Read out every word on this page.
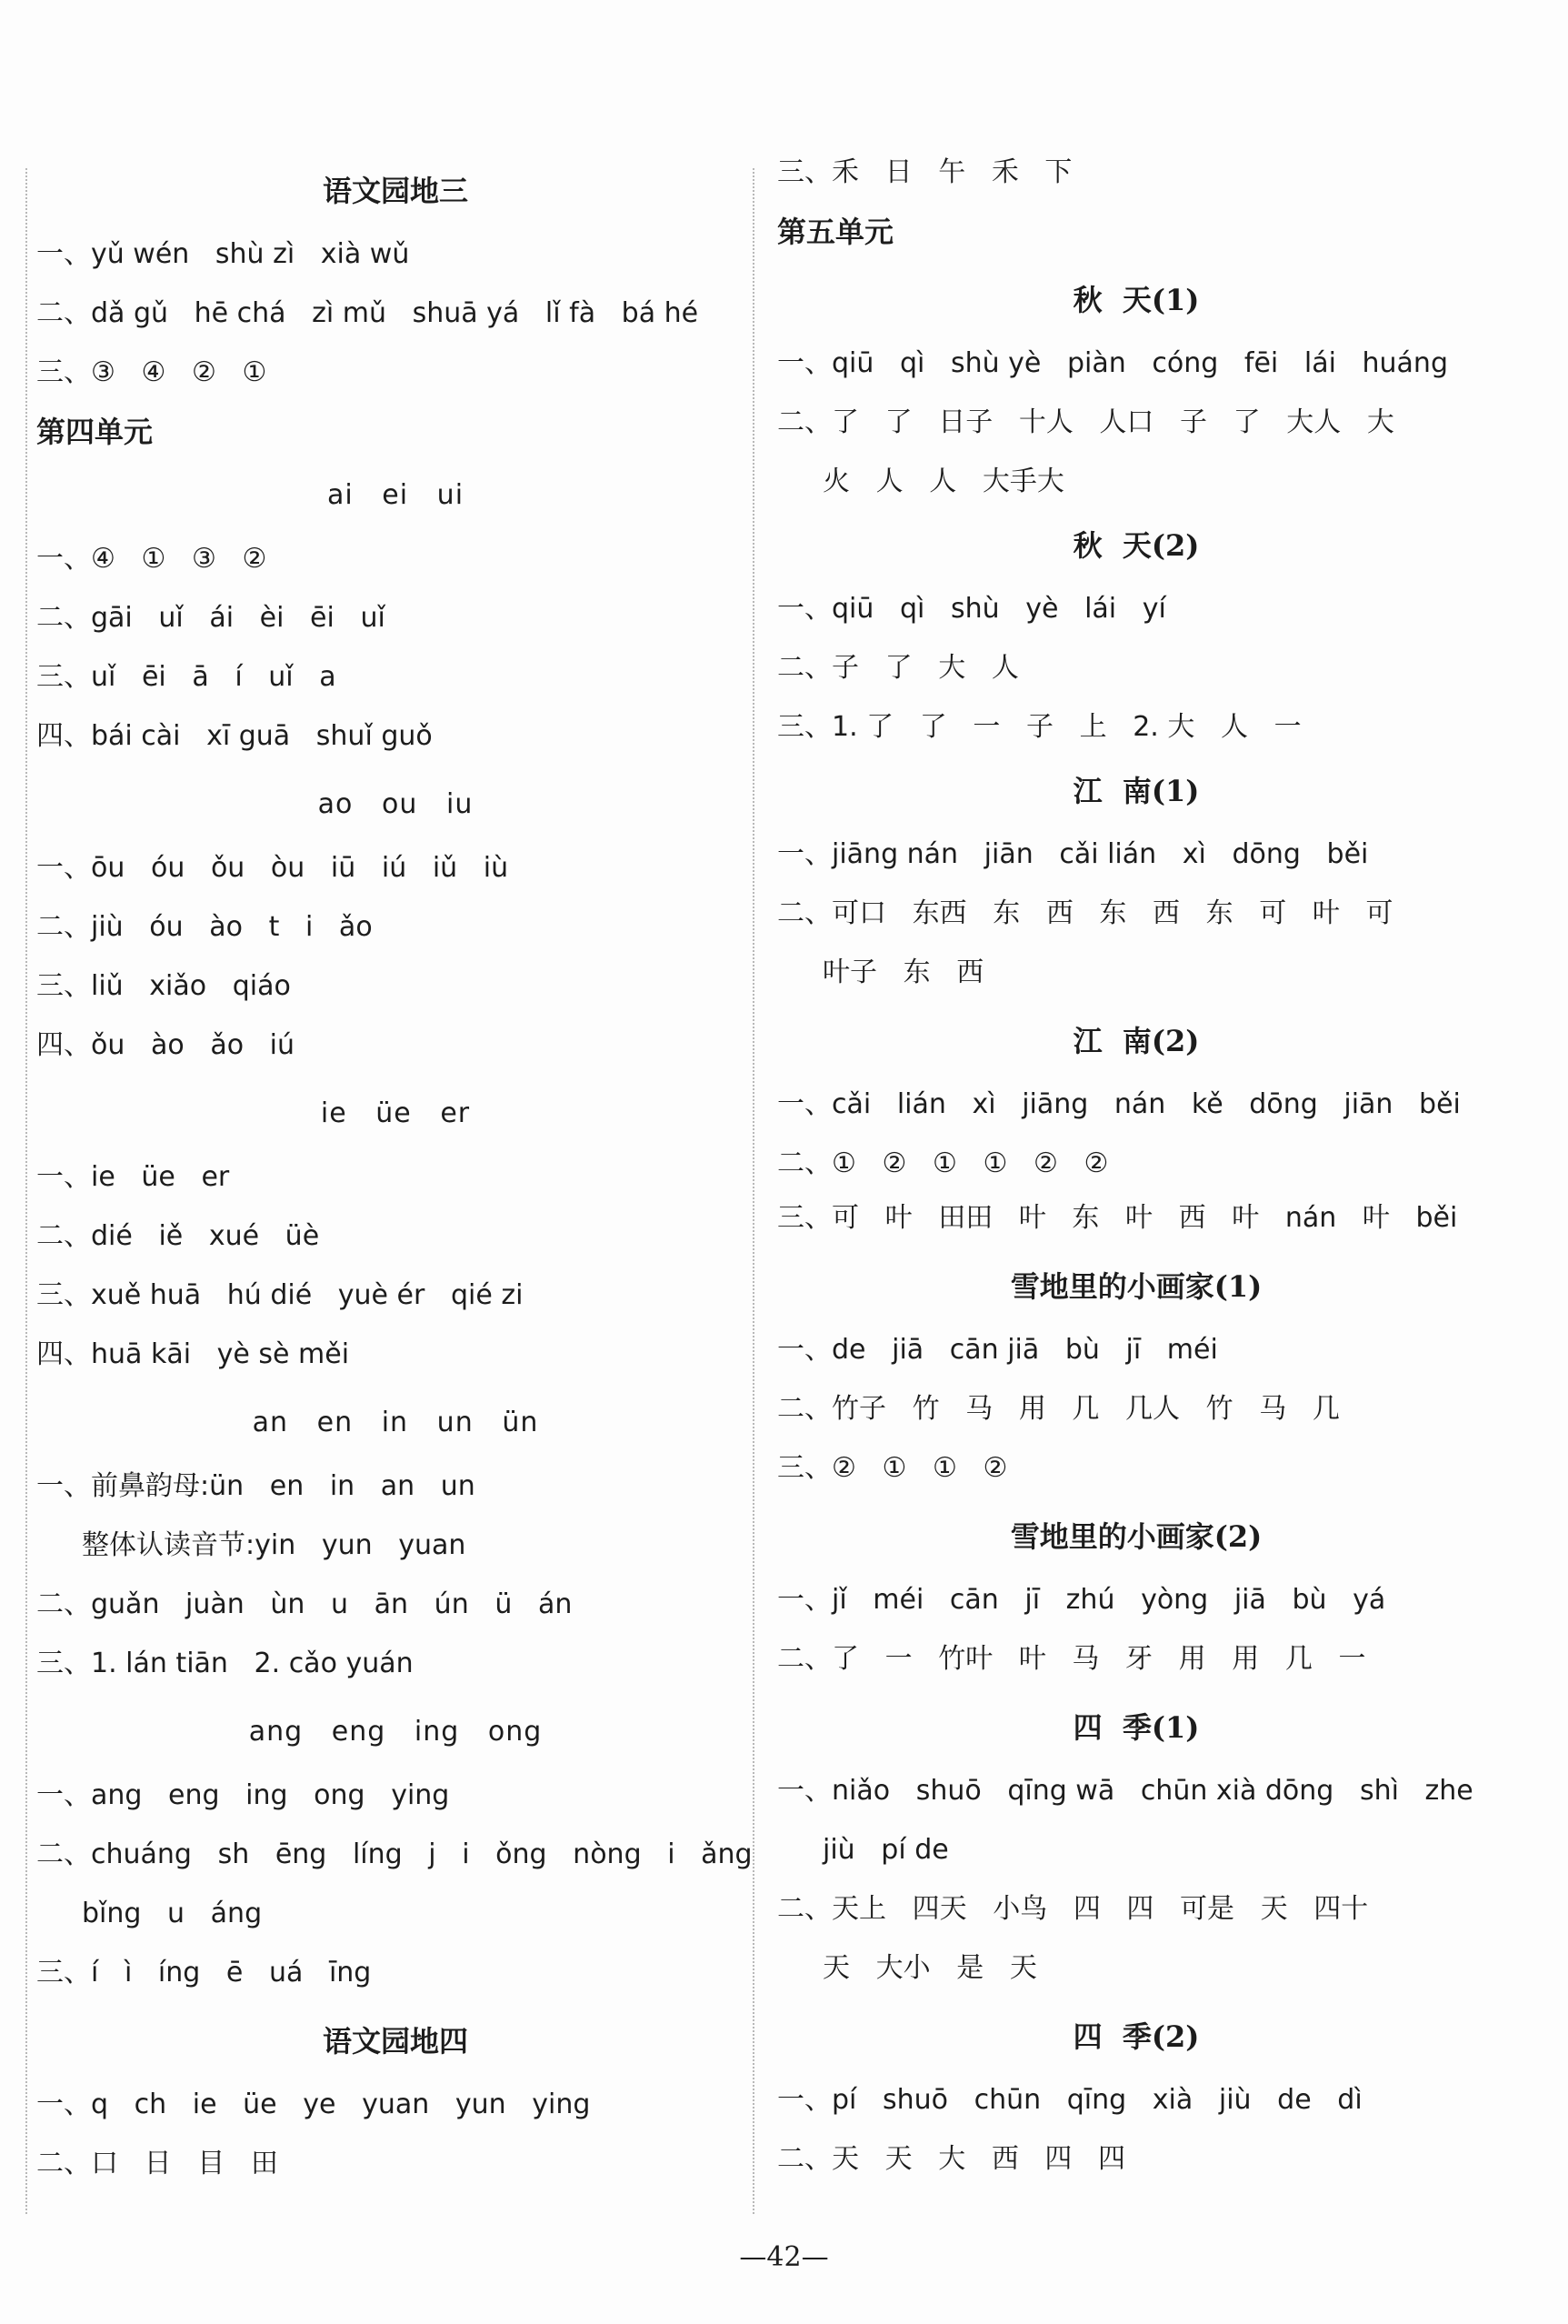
语文园地三
一、yǔ wén   shù zì   xià wǔ
二、dǎ gǔ   hē chá   zì mǔ   shuā yá   lǐ fà   bá hé
三、③   ④   ②   ①
第四单元
ai   ei   ui
一、④   ①   ③   ②
二、gāi   uǐ   ái   èi   ēi   uǐ
三、uǐ   ēi   ā   í   uǐ   a
四、bái cài   xī guā   shuǐ guǒ
ao   ou   iu
一、ōu   óu   ǒu   òu   iū   iú   iǔ   iù
二、jiù   óu   ào   t   i   ǎo
三、liǔ   xiǎo   qiáo
四、ǒu   ào   ǎo   iú
ie   üe   er
一、ie   üe   er
二、dié   iě   xué   üè
三、xuě huā   hú dié   yuè ér   qié zi
四、huā kāi   yè sè měi
an   en   in   un   ün
一、前鼻韵母:ün   en   in   an   un
整体认读音节:yin   yun   yuan
二、guǎn   juàn   ùn   u   ān   ún   ü   án
三、1. lán tiān   2. cǎo yuán
ang   eng   ing   ong
一、ang   eng   ing   ong   ying
二、chuáng   sh   ēng   líng   j   i   ǒng   nòng   i   ǎng
bǐng   u   áng
三、í   ì   íng   ē   uá   īng
语文园地四
一、q   ch   ie   üe   ye   yuan   yun   ying
二、口   日   目   田
三、禾   日   午   禾   下
第五单元
秋  天(1)
一、qiū   qì   shù yè   piàn   cóng   fēi   lái   huáng
二、了   了   日子   十人   人口   子   了   大人   大
火   人   人   大手大
秋  天(2)
一、qiū   qì   shù   yè   lái   yí
二、子   了   大   人
三、1. 了   了   一   子   上   2. 大   人   一
江  南(1)
一、jiāng nán   jiān   cǎi lián   xì   dōng   běi
二、可口   东西   东   西   东   西   东   可   叶   可
叶子   东   西
江  南(2)
一、cǎi   lián   xì   jiāng   nán   kě   dōng   jiān   běi
二、①   ②   ①   ①   ②   ②
三、可   叶   田田   叶   东   叶   西   叶   nán   叶   běi
雪地里的小画家(1)
一、de   jiā   cān jiā   bù   jī   méi
二、竹子   竹   马   用   几   几人   竹   马   几
三、②   ①   ①   ②
雪地里的小画家(2)
一、jǐ   méi   cān   jī   zhú   yòng   jiā   bù   yá
二、了   一   竹叶   叶   马   牙   用   用   几   一
四  季(1)
一、niǎo   shuō   qīng wā   chūn xià dōng   shì   zhe
jiù   pí de
二、天上   四天   小鸟   四   四   可是   天   四十
天   大小   是   天
四  季(2)
一、pí   shuō   chūn   qīng   xià   jiù   de   dì
二、天   天   大   西   四   四
—42—
